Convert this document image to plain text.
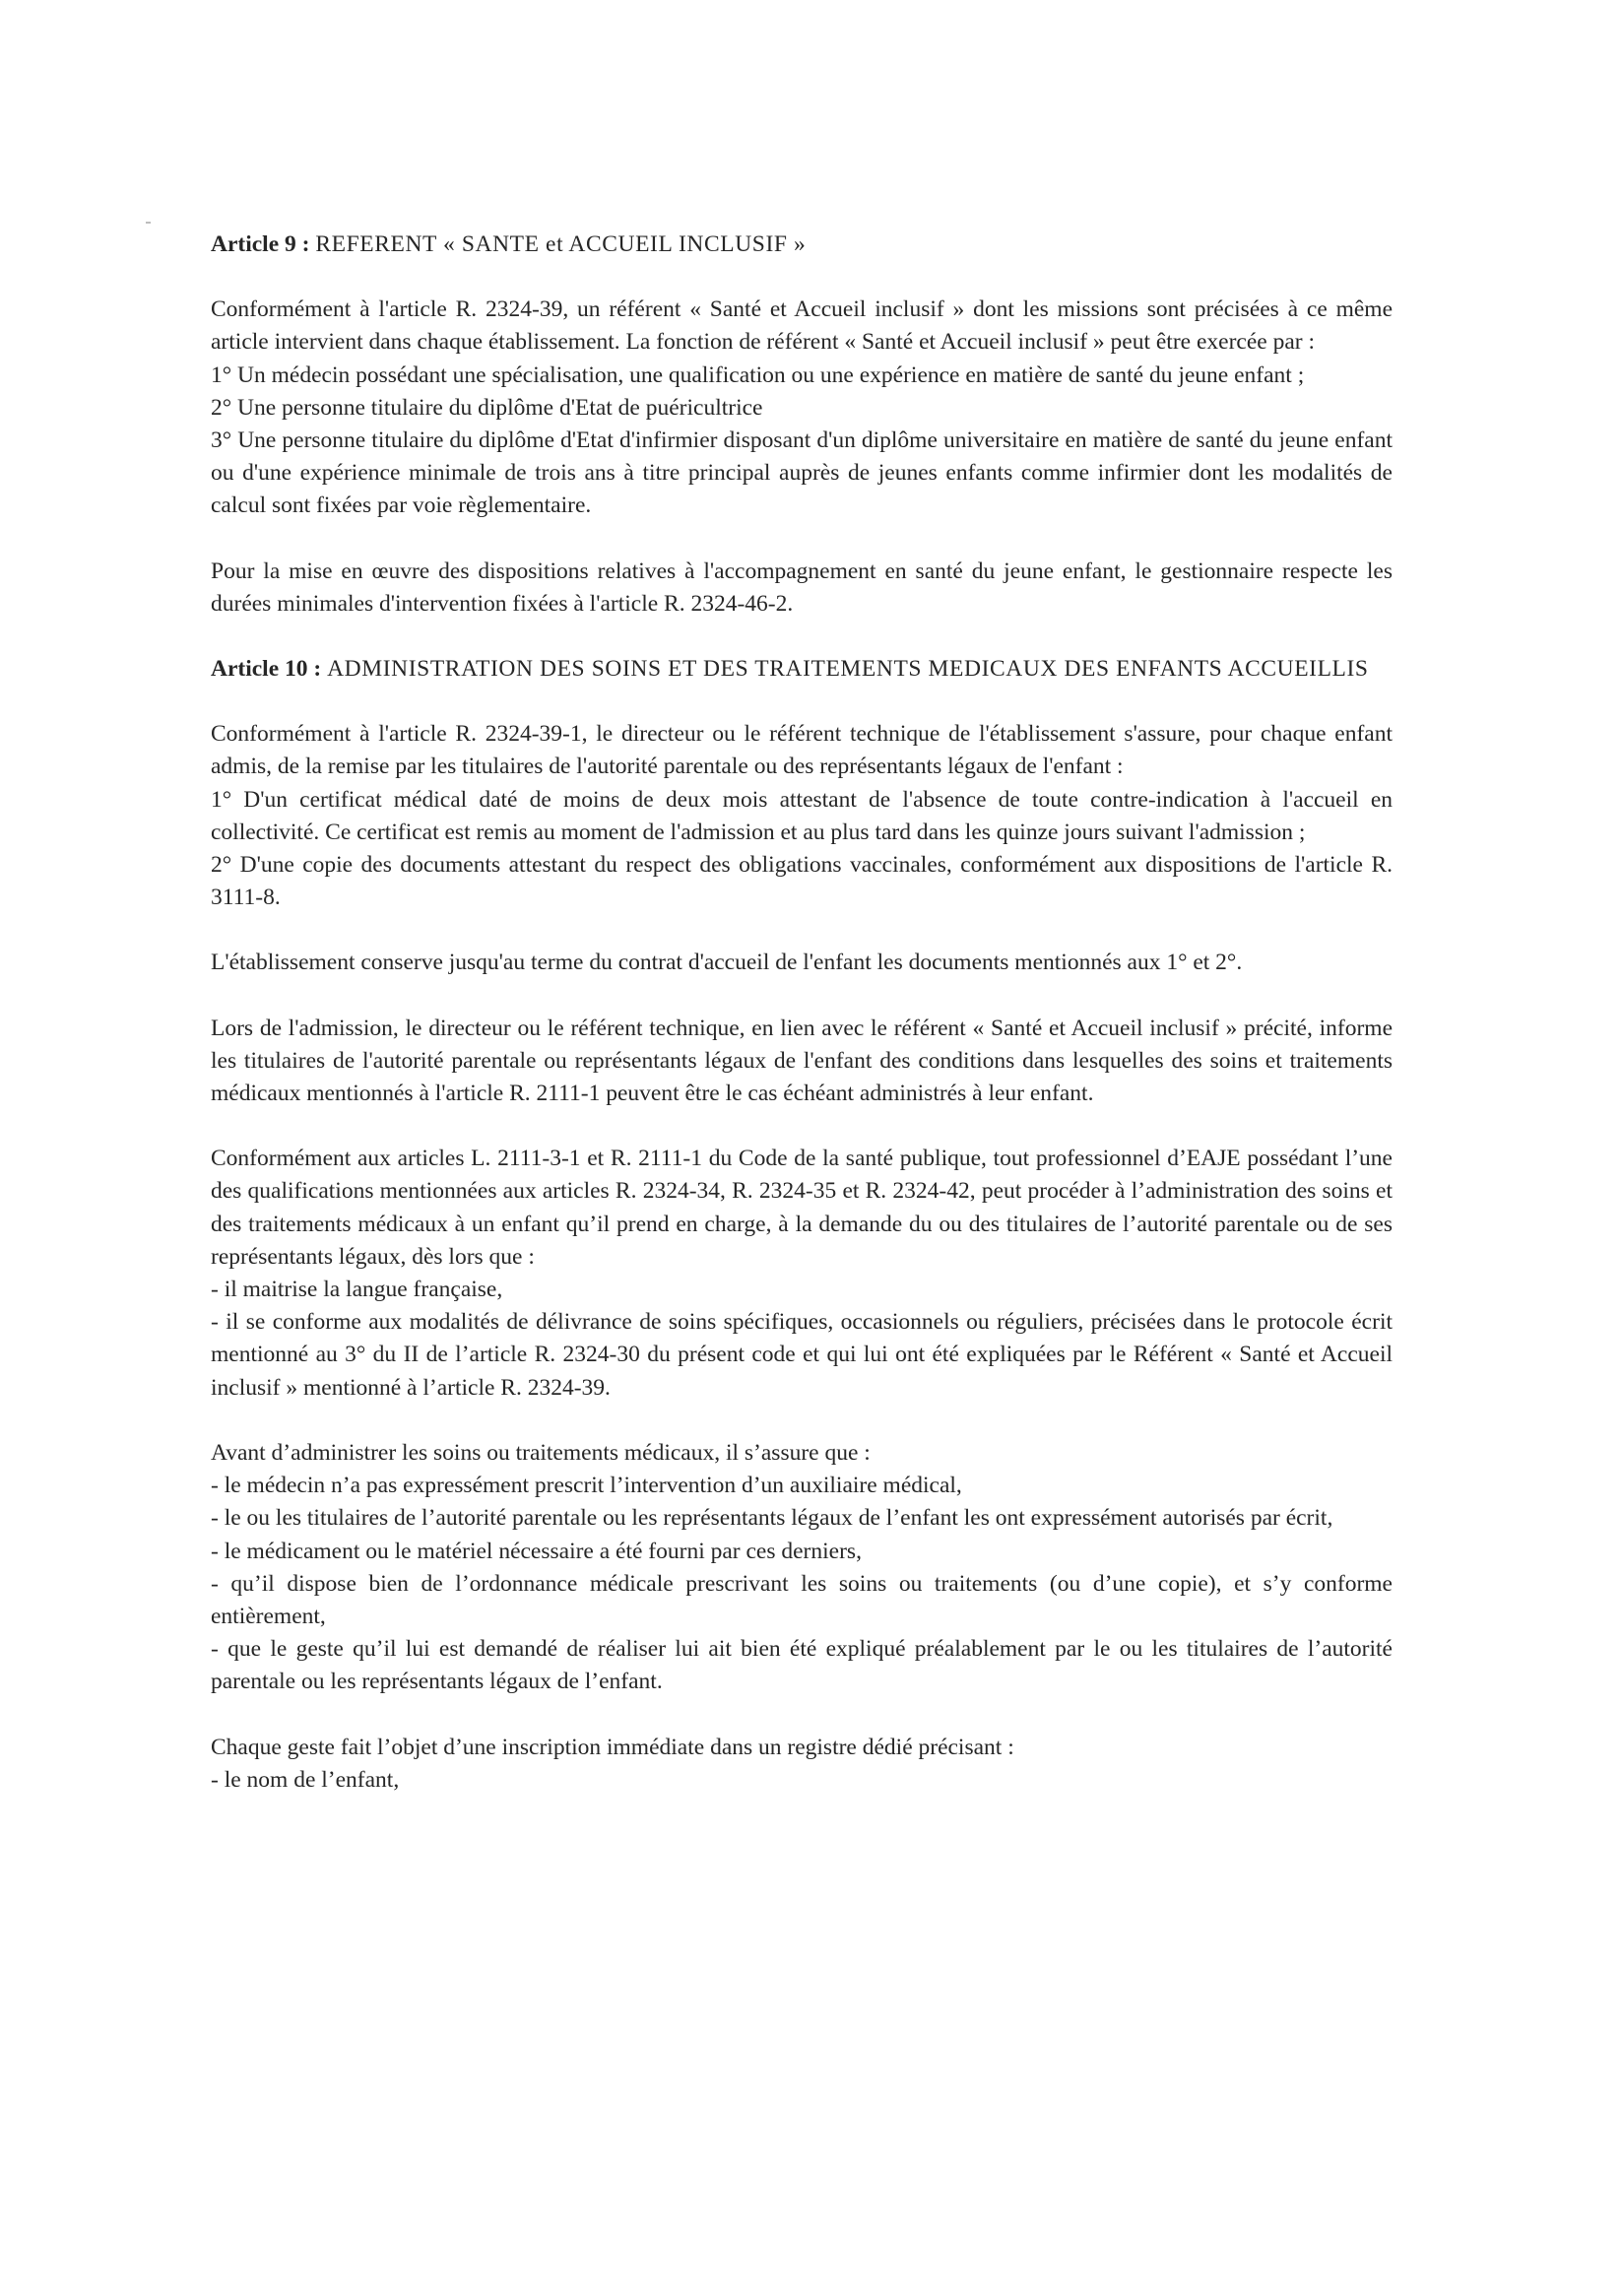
Article 9 : REFERENT « SANTE et ACCUEIL INCLUSIF »

Conformément à l'article R. 2324-39, un référent « Santé et Accueil inclusif » dont les missions sont précisées à ce même article intervient dans chaque établissement. La fonction de référent « Santé et Accueil inclusif » peut être exercée par :

1° Un médecin possédant une spécialisation, une qualification ou une expérience en matière de santé du jeune enfant ;
2° Une personne titulaire du diplôme d'Etat de puéricultrice
3° Une personne titulaire du diplôme d'Etat d'infirmier disposant d'un diplôme universitaire en matière de santé du jeune enfant ou d'une expérience minimale de trois ans à titre principal auprès de jeunes enfants comme infirmier dont les modalités de calcul sont fixées par voie règlementaire.

Pour la mise en œuvre des dispositions relatives à l'accompagnement en santé du jeune enfant, le gestionnaire respecte les durées minimales d'intervention fixées à l'article R. 2324-46-2.

Article 10 : ADMINISTRATION DES SOINS ET DES TRAITEMENTS MEDICAUX DES ENFANTS ACCUEILLIS

Conformément à l'article R. 2324-39-1, le directeur ou le référent technique de l'établissement s'assure, pour chaque enfant admis, de la remise par les titulaires de l'autorité parentale ou des représentants légaux de l'enfant :

1° D'un certificat médical daté de moins de deux mois attestant de l'absence de toute contre-indication à l'accueil en collectivité. Ce certificat est remis au moment de l'admission et au plus tard dans les quinze jours suivant l'admission ;
2° D'une copie des documents attestant du respect des obligations vaccinales, conformément aux dispositions de l'article R. 3111-8.

L'établissement conserve jusqu'au terme du contrat d'accueil de l'enfant les documents mentionnés aux 1° et 2°.

Lors de l'admission, le directeur ou le référent technique, en lien avec le référent « Santé et Accueil inclusif » précité, informe les titulaires de l'autorité parentale ou représentants légaux de l'enfant des conditions dans lesquelles des soins et traitements médicaux mentionnés à l'article R. 2111-1 peuvent être le cas échéant administrés à leur enfant.

Conformément aux articles L. 2111-3-1 et R. 2111-1 du Code de la santé publique, tout professionnel d’EAJE possédant l’une des qualifications mentionnées aux articles R. 2324-34, R. 2324-35 et R. 2324-42, peut procéder à l’administration des soins et des traitements médicaux à un enfant qu’il prend en charge, à la demande du ou des titulaires de l’autorité parentale ou de ses représentants légaux, dès lors que :

- il maitrise la langue française,
- il se conforme aux modalités de délivrance de soins spécifiques, occasionnels ou réguliers, précisées dans le protocole écrit mentionné au 3° du II de l’article R. 2324-30 du présent code et qui lui ont été expliquées par le Référent « Santé et Accueil inclusif » mentionné à l’article R. 2324-39.

Avant d’administrer les soins ou traitements médicaux, il s’assure que :

- le médecin n’a pas expressément prescrit l’intervention d’un auxiliaire médical,
- le ou les titulaires de l’autorité parentale ou les représentants légaux de l’enfant les ont expressément autorisés par écrit,
- le médicament ou le matériel nécessaire a été fourni par ces derniers,
- qu’il dispose bien de l’ordonnance médicale prescrivant les soins ou traitements (ou d’une copie), et s’y conforme entièrement,
- que le geste qu’il lui est demandé de réaliser lui ait bien été expliqué préalablement par le ou les titulaires de l’autorité parentale ou les représentants légaux de l’enfant.

Chaque geste fait l’objet d’une inscription immédiate dans un registre dédié précisant :

- le nom de l’enfant,
